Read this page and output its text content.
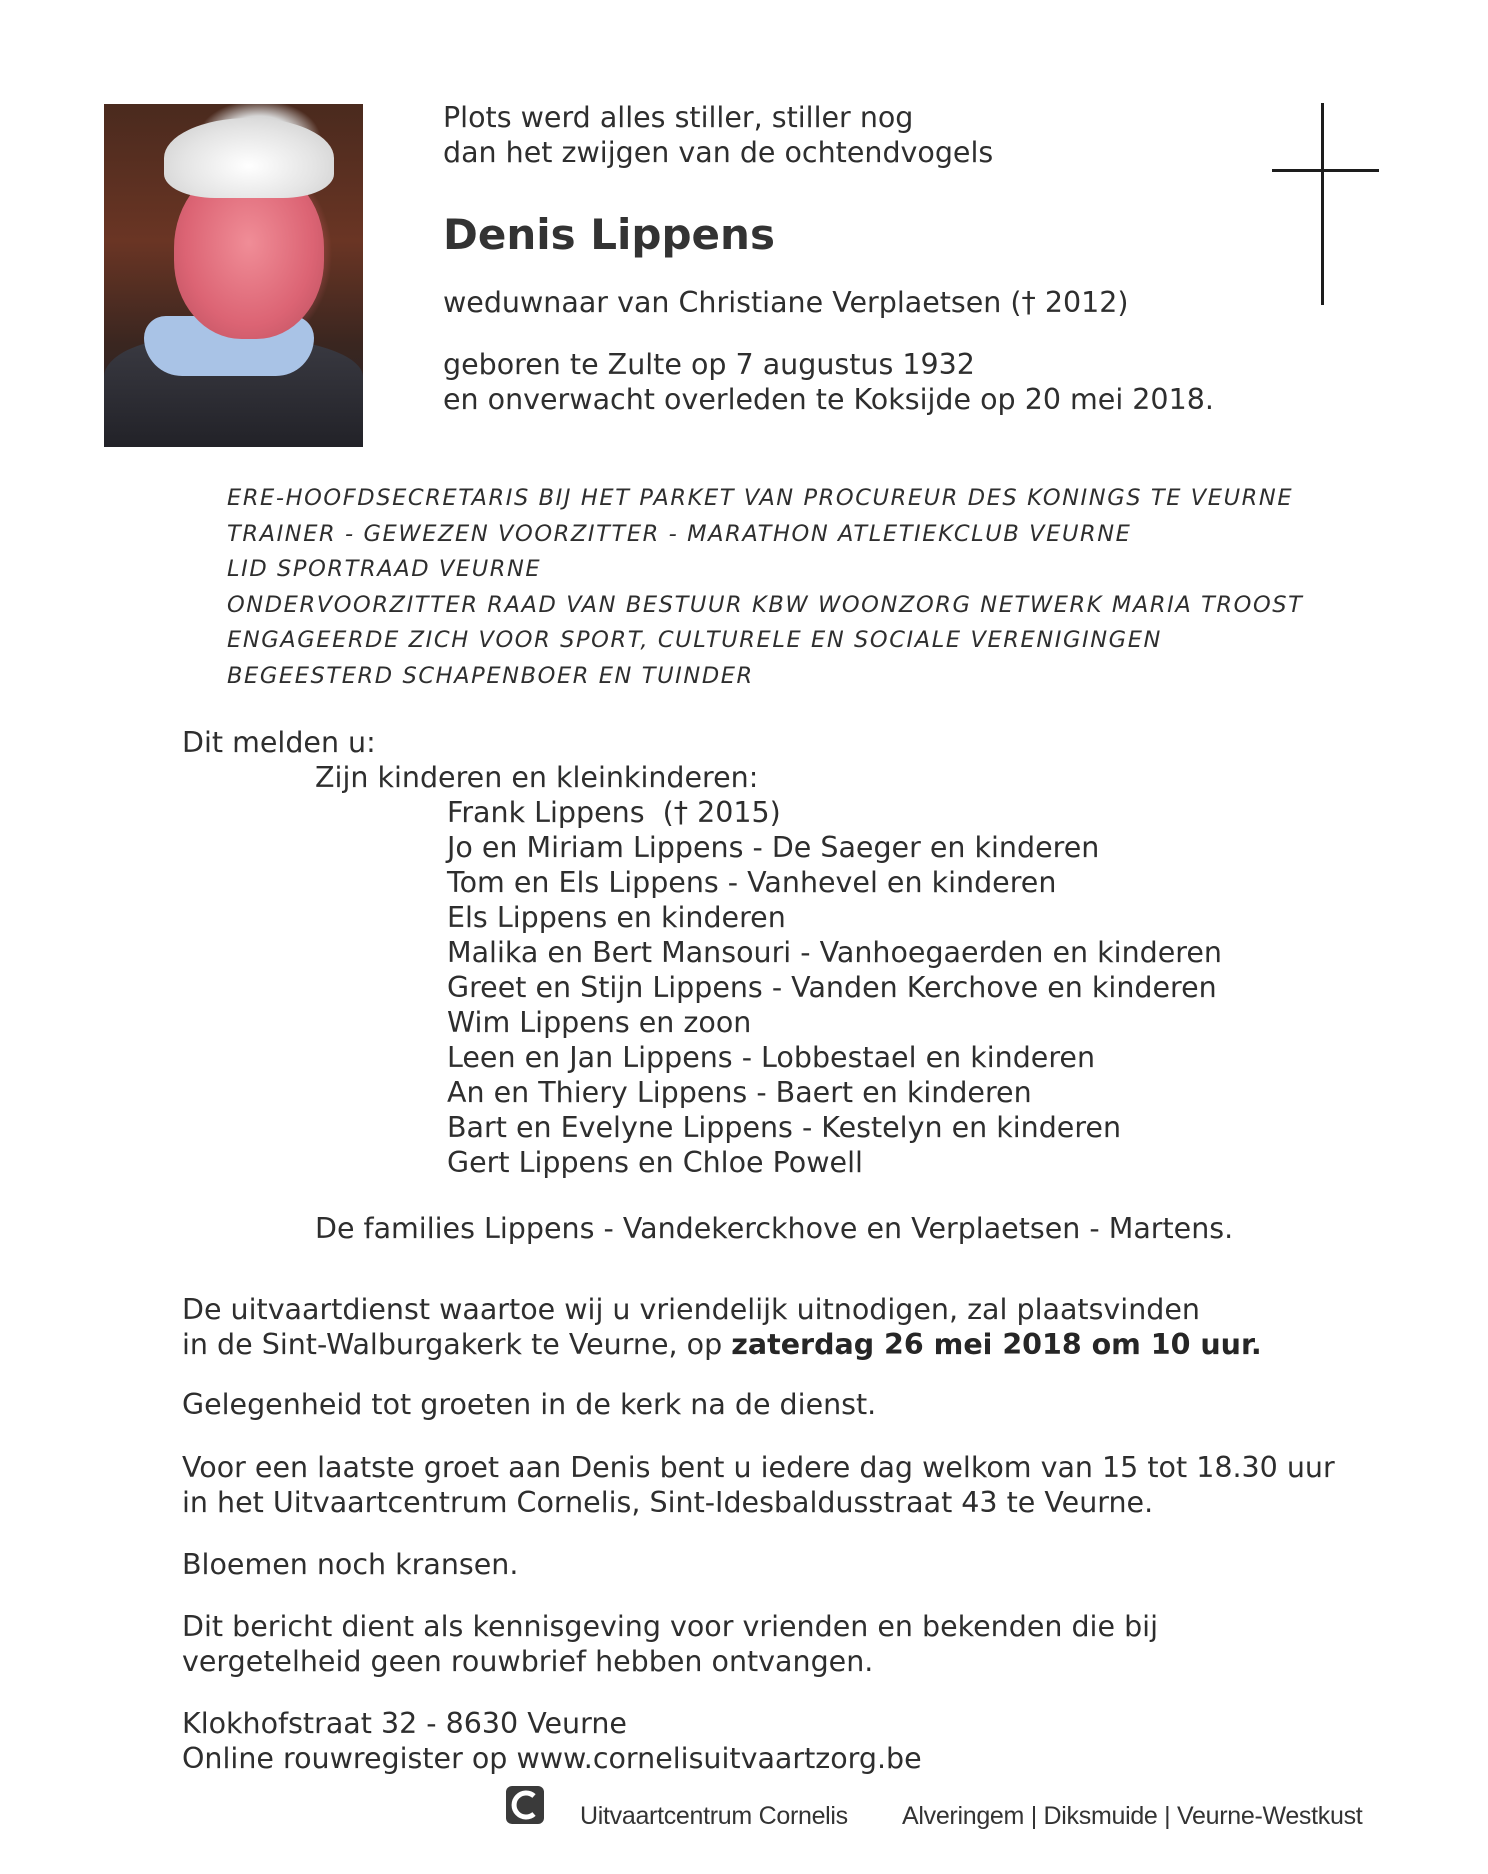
Plots werd alles stiller, stiller nog
dan het zwijgen van de ochtendvogels
Denis Lippens
weduwnaar van Christiane Verplaetsen († 2012)
geboren te Zulte op 7 augustus 1932
en onverwacht overleden te Koksijde op 20 mei 2018.
ERE-HOOFDSECRETARIS BIJ HET PARKET VAN PROCUREUR DES KONINGS TE VEURNE
TRAINER - GEWEZEN VOORZITTER - MARATHON ATLETIEKCLUB VEURNE
LID SPORTRAAD VEURNE
ONDERVOORZITTER RAAD VAN BESTUUR KBW WOONZORG NETWERK MARIA TROOST
ENGAGEERDE ZICH VOOR SPORT, CULTURELE EN SOCIALE VERENIGINGEN
BEGEESTERD SCHAPENBOER EN TUINDER
Dit melden u:
Zijn kinderen en kleinkinderen:
Frank Lippens  († 2015)
Jo en Miriam Lippens - De Saeger en kinderen
Tom en Els Lippens - Vanhevel en kinderen
Els Lippens en kinderen
Malika en Bert Mansouri - Vanhoegaerden en kinderen
Greet en Stijn Lippens - Vanden Kerchove en kinderen
Wim Lippens en zoon
Leen en Jan Lippens - Lobbestael en kinderen
An en Thiery Lippens - Baert en kinderen
Bart en Evelyne Lippens - Kestelyn en kinderen
Gert Lippens en Chloe Powell
De families Lippens - Vandekerckhove en Verplaetsen - Martens.
De uitvaartdienst waartoe wij u vriendelijk uitnodigen, zal plaatsvinden
in de Sint-Walburgakerk te Veurne, op zaterdag 26 mei 2018 om 10 uur.
Gelegenheid tot groeten in de kerk na de dienst.
Voor een laatste groet aan Denis bent u iedere dag welkom van 15 tot 18.30 uur
in het Uitvaartcentrum Cornelis, Sint-Idesbaldusstraat 43 te Veurne.
Bloemen noch kransen.
Dit bericht dient als kennisgeving voor vrienden en bekenden die bij
vergetelheid geen rouwbrief hebben ontvangen.
Klokhofstraat 32 - 8630 Veurne
Online rouwregister op www.cornelisuitvaartzorg.be
Uitvaartcentrum Cornelis Alveringem | Diksmuide | Veurne-Westkust
